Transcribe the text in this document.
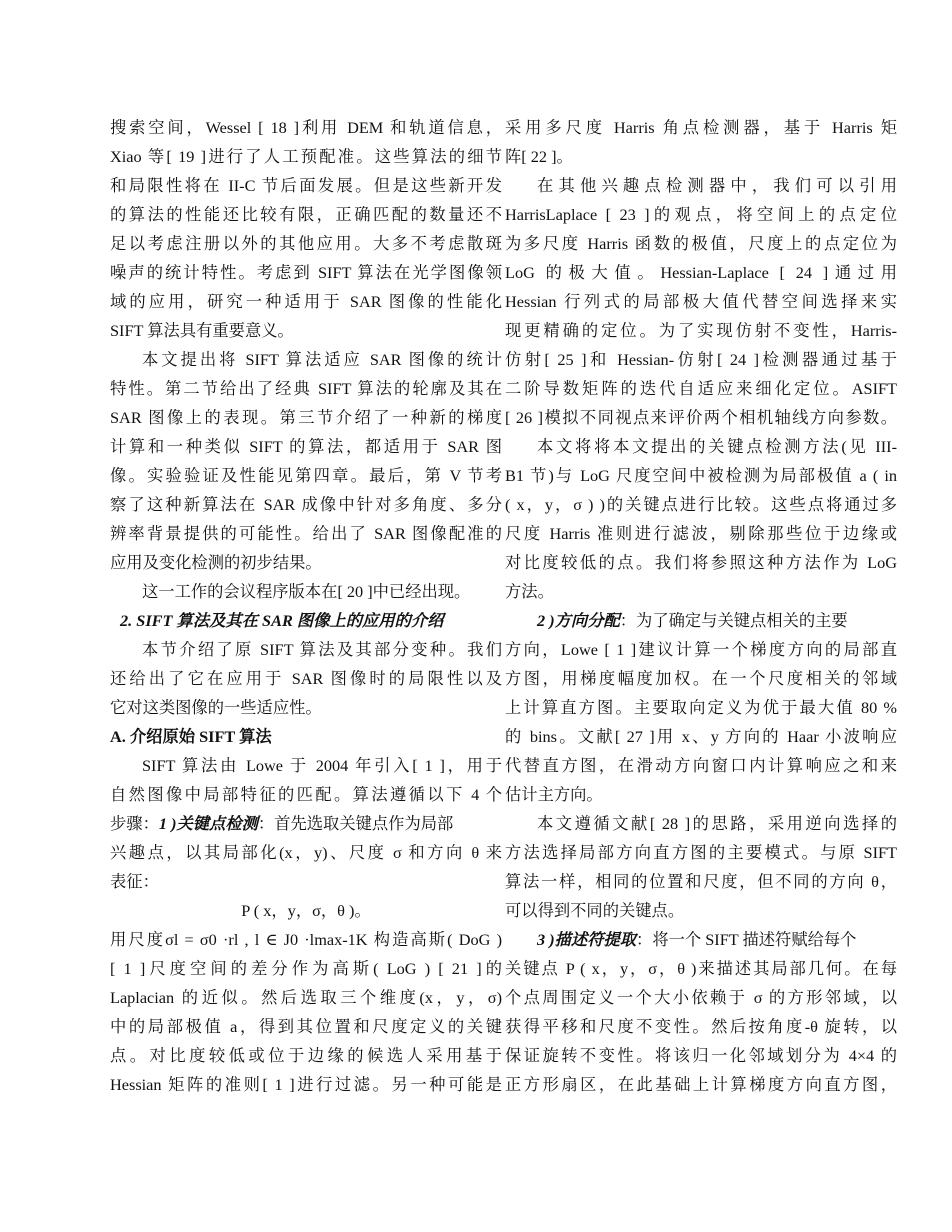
搜索空间，Wessel [ 18 ]利用 DEM 和轨道信息，
Xiao 等[ 19 ]进行了人工预配准。这些算法的细节
和局限性将在 II-C 节后面发展。但是这些新开发
的算法的性能还比较有限，正确匹配的数量还不
足以考虑注册以外的其他应用。大多不考虑散斑
噪声的统计特性。考虑到 SIFT 算法在光学图像领
域的应用，研究一种适用于 SAR 图像的性能化
SIFT 算法具有重要意义。
本文提出将 SIFT 算法适应 SAR 图像的统计
特性。第二节给出了经典 SIFT 算法的轮廓及其在
SAR 图像上的表现。第三节介绍了一种新的梯度
计算和一种类似 SIFT 的算法，都适用于 SAR 图
像。实验验证及性能见第四章。最后，第 V 节考
察了这种新算法在 SAR 成像中针对多角度、多分
辨率背景提供的可能性。给出了 SAR 图像配准的
应用及变化检测的初步结果。
这一工作的会议程序版本在[ 20 ]中已经出现。
2. SIFT 算法及其在 SAR 图像上的应用的介绍
本节介绍了原 SIFT 算法及其部分变种。我们
还给出了它在应用于 SAR 图像时的局限性以及
它对这类图像的一些适应性。
A. 介绍原始 SIFT 算法
SIFT 算法由 Lowe 于 2004 年引入[ 1 ]，用于
自然图像中局部特征的匹配。算法遵循以下 4 个
步骤：1 )关键点检测：首先选取关键点作为局部
兴趣点，以其局部化(x，y)、尺度 σ 和方向 θ 来
表征：
P ( x，y，σ，θ )。
用尺度σl = σ0 ·rl , l ∈ J0 ·lmax-1K 构造高斯( DoG )
[ 1 ]尺度空间的差分作为高斯( LoG ) [ 21 ]的
Laplacian 的近似。然后选取三个维度(x，y，σ)
中的局部极值 a，得到其位置和尺度定义的关键
点。对比度较低或位于边缘的候选人采用基于
Hessian 矩阵的准则[ 1 ]进行过滤。另一种可能是
采用多尺度 Harris 角点检测器，基于 Harris 矩
阵[ 22 ]。
在其他兴趣点检测器中，我们可以引用
HarrisLaplace [ 23 ]的观点，将空间上的点定位
为多尺度 Harris 函数的极值，尺度上的点定位为
LoG 的极大值。Hessian-Laplace [ 24 ]通过用
Hessian 行列式的局部极大值代替空间选择来实
现更精确的定位。为了实现仿射不变性，Harris-
仿射[ 25 ]和 Hessian-仿射[ 24 ]检测器通过基于
二阶导数矩阵的迭代自适应来细化定位。ASIFT
[ 26 ]模拟不同视点来评价两个相机轴线方向参数。
本文将将本文提出的关键点检测方法(见 III-
B1 节)与 LoG 尺度空间中被检测为局部极值 a ( in
( x，y，σ ) )的关键点进行比较。这些点将通过多
尺度 Harris 准则进行滤波，剔除那些位于边缘或
对比度较低的点。我们将参照这种方法作为 LoG
方法。
2 )方向分配：为了确定与关键点相关的主要
方向，Lowe [ 1 ]建议计算一个梯度方向的局部直
方图，用梯度幅度加权。在一个尺度相关的邻域
上计算直方图。主要取向定义为优于最大值 80 %
的 bins。文献[ 27 ]用 x、y 方向的 Haar 小波响应
代替直方图，在滑动方向窗口内计算响应之和来
估计主方向。
本文遵循文献[ 28 ]的思路，采用逆向选择的
方法选择局部方向直方图的主要模式。与原 SIFT
算法一样，相同的位置和尺度，但不同的方向 θ，
可以得到不同的关键点。
3 )描述符提取：将一个 SIFT 描述符赋给每个
关键点 P ( x，y，σ，θ )来描述其局部几何。在每
个点周围定义一个大小依赖于 σ 的方形邻域，以
获得平移和尺度不变性。然后按角度-θ 旋转，以
保证旋转不变性。将该归一化邻域划分为 4×4 的
正方形扇区，在此基础上计算梯度方向直方图，
